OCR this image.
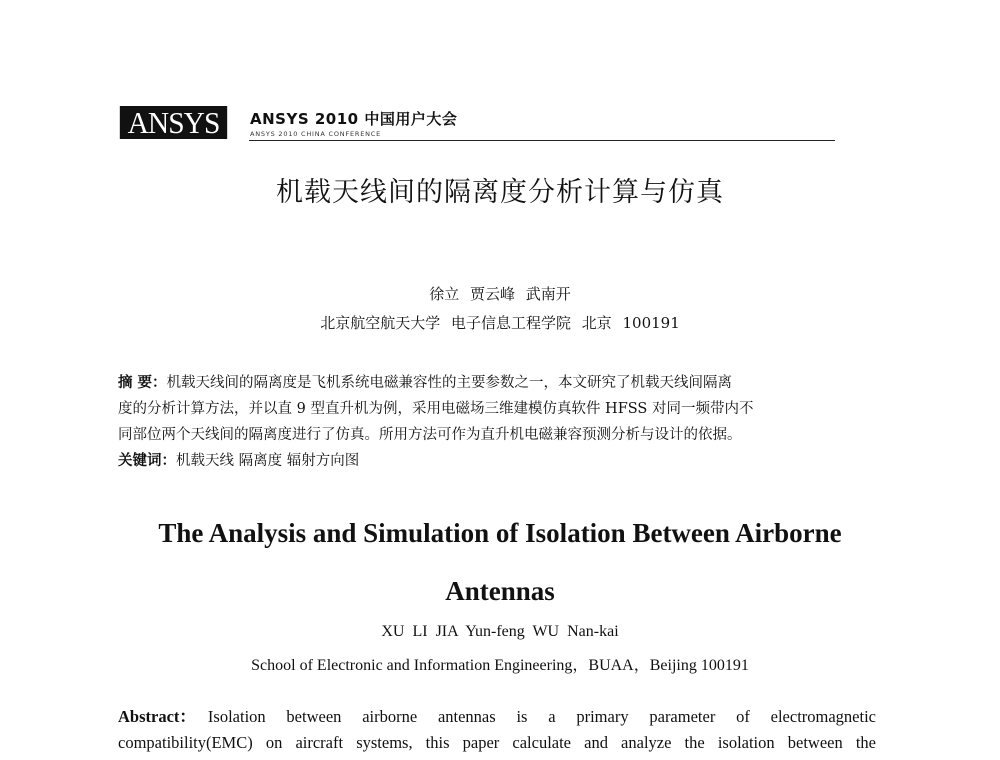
ANSYS	ANSYS 2010 中国用户大会
ANSYS 2010 CHINA CONFERENCE
机载天线间的隔离度分析计算与仿真
徐立 贾云峰 武南开
北京航空航天大学 电子信息工程学院 北京 100191
摘 要：机载天线间的隔离度是飞机系统电磁兼容性的主要参数之一，本文研究了机载天线间隔离
度的分析计算方法，并以直 9 型直升机为例，采用电磁场三维建模仿真软件 HFSS 对同一频带内不
同部位两个天线间的隔离度进行了仿真。所用方法可作为直升机电磁兼容预测分析与设计的依据。
关键词：机载天线 隔离度 辐射方向图
The Analysis and Simulation of Isolation Between Airborne
Antennas
XU LI JIA Yun-feng WU Nan-kai
School of Electronic and Information Engineering，BUAA，Beijing 100191
Abstract： Isolation between airborne antennas is a primary parameter of electromagnetic
compatibility(EMC) on aircraft systems, this paper calculate and analyze the isolation between the
